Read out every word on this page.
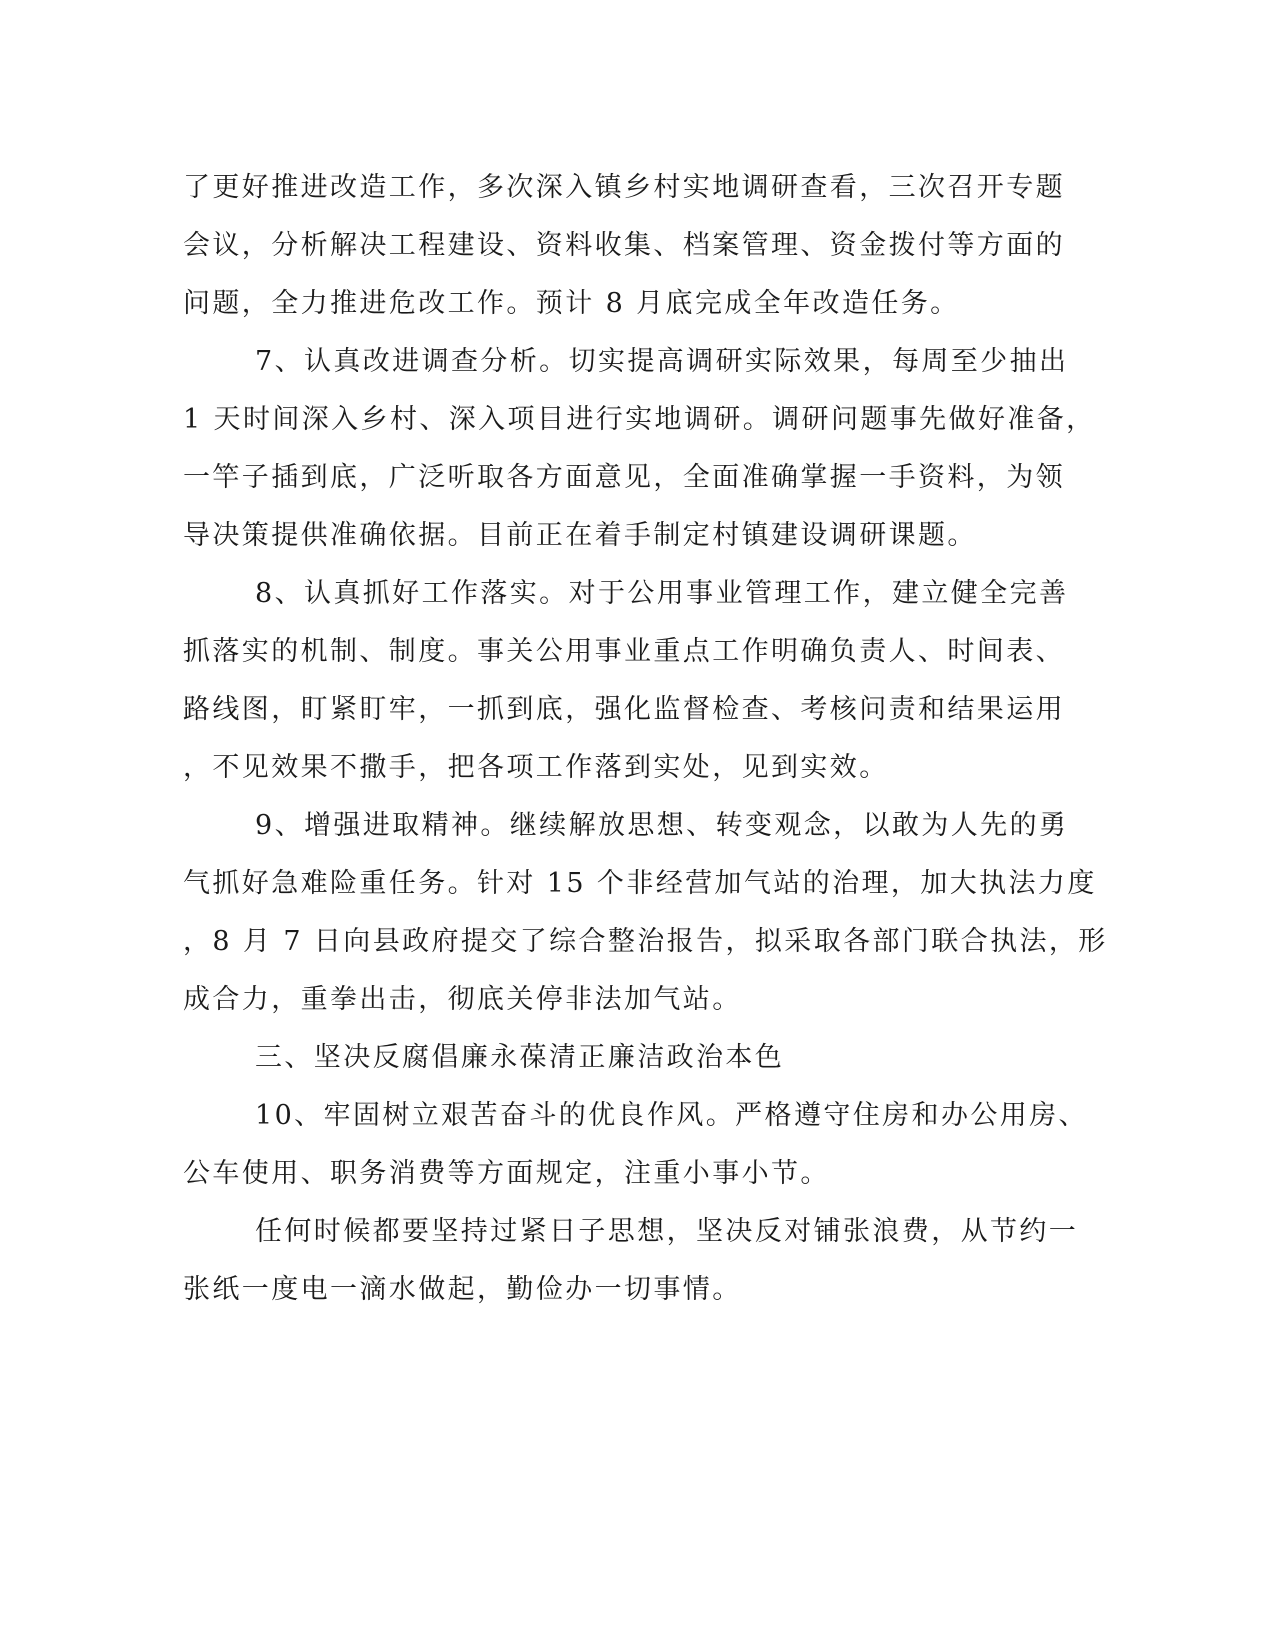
了更好推进改造工作，多次深入镇乡村实地调研查看，三次召开专题

会议，分析解决工程建设、资料收集、档案管理、资金拨付等方面的

问题，全力推进危改工作。预计 8 月底完成全年改造任务。

7、认真改进调查分析。切实提高调研实际效果，每周至少抽出

1 天时间深入乡村、深入项目进行实地调研。调研问题事先做好准备，

一竿子插到底，广泛听取各方面意见，全面准确掌握一手资料，为领

导决策提供准确依据。目前正在着手制定村镇建设调研课题。

8、认真抓好工作落实。对于公用事业管理工作，建立健全完善

抓落实的机制、制度。事关公用事业重点工作明确负责人、时间表、

路线图，盯紧盯牢，一抓到底，强化监督检查、考核问责和结果运用

，不见效果不撒手，把各项工作落到实处，见到实效。

9、增强进取精神。继续解放思想、转变观念，以敢为人先的勇

气抓好急难险重任务。针对 15 个非经营加气站的治理，加大执法力度

，8 月 7 日向县政府提交了综合整治报告，拟采取各部门联合执法，形

成合力，重拳出击，彻底关停非法加气站。

三、坚决反腐倡廉永葆清正廉洁政治本色

10、牢固树立艰苦奋斗的优良作风。严格遵守住房和办公用房、

公车使用、职务消费等方面规定，注重小事小节。

任何时候都要坚持过紧日子思想，坚决反对铺张浪费，从节约一

张纸一度电一滴水做起，勤俭办一切事情。
